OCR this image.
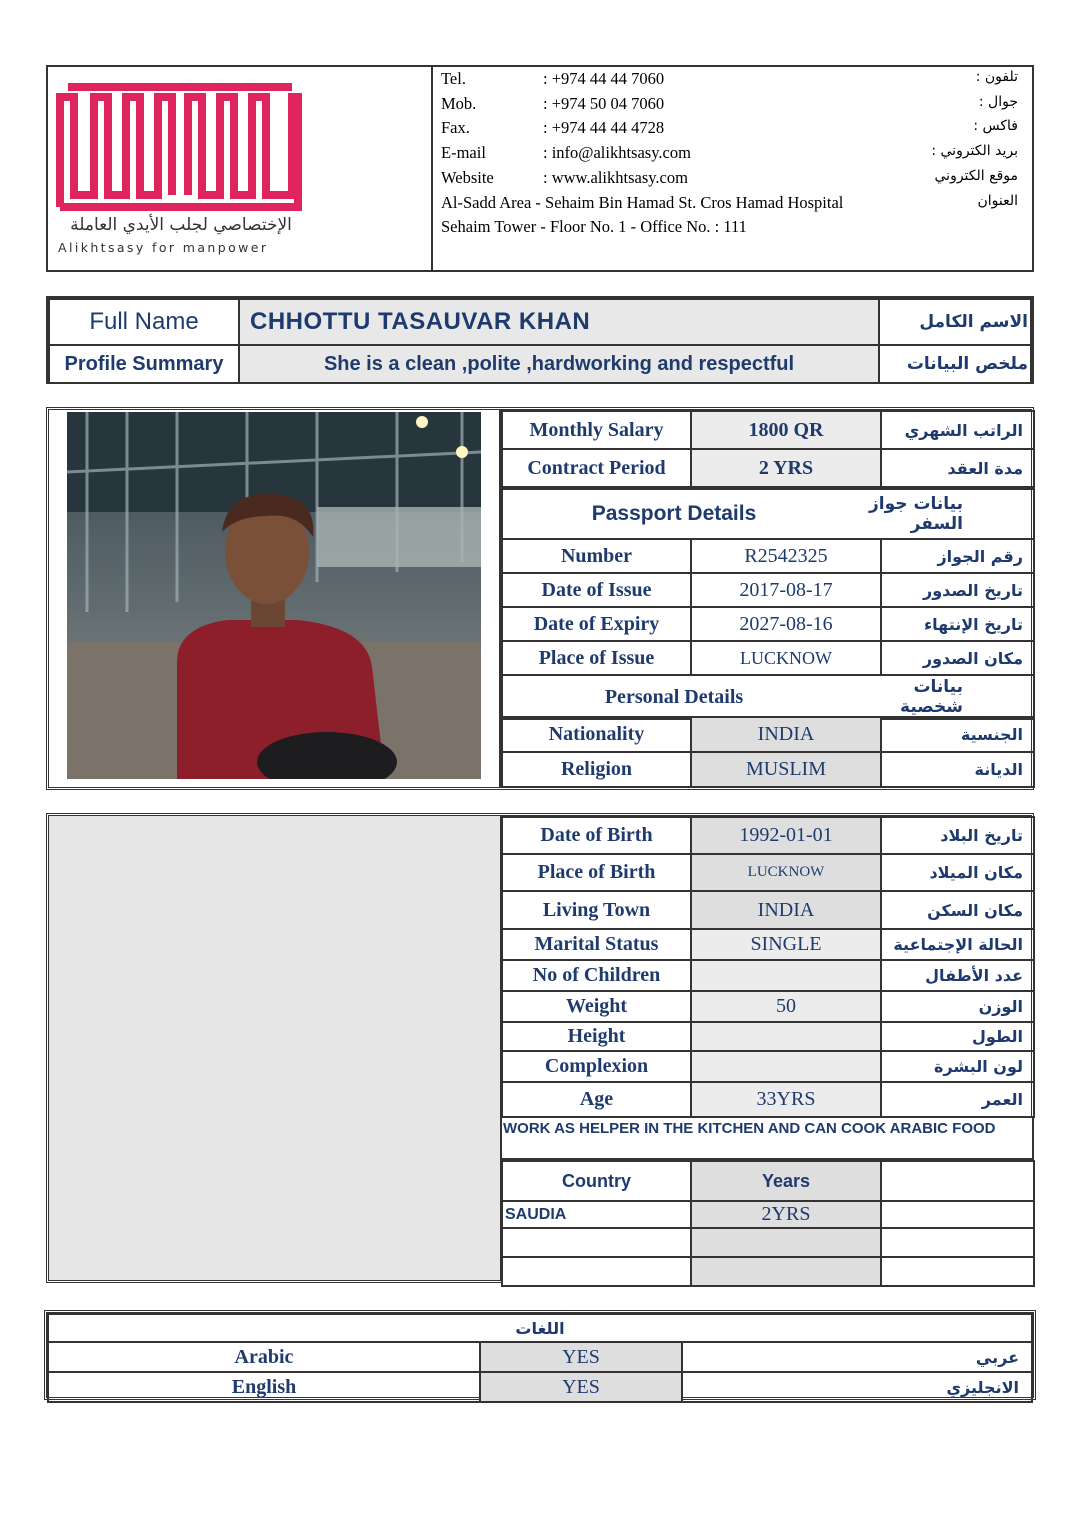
الإختصاصي لجلب الأيدي العاملة
Alikhtsasy for manpower
Tel.	: +974 44 44 7060	تلفون :
Mob.	: +974 50 04 7060	جوال :
Fax.	: +974 44 44 4728	فاكس :
E-mail	: info@alikhtsasy.com	بريد الكتروني :
Website	: www.alikhtsasy.com	موقع الكتروني
Al-Sadd Area - Sehaim Bin Hamad St. Cros Hamad Hospital	العنوان
Sehaim Tower - Floor No. 1 - Office No. : 111
Full Name	CHHOTTU TASAUVAR KHAN	الاسم الكامل
Profile Summary	She is a clean ,polite ,hardworking and respectful	ملخص البيانات
Monthly Salary	1800 QR	الراتب الشهري
Contract Period	2 YRS	مدة العقد
Passport Details	بيانات جواز السفر
Number	R2542325	رقم الجواز
Date of Issue	2017-08-17	تاريخ الصدور
Date of Expiry	2027-08-16	تاريخ الإنتهاء
Place of Issue	LUCKNOW	مكان الصدور
Personal Details	بيانات شخصية
Nationality	INDIA	الجنسية
Religion	MUSLIM	الديانة
Date of Birth	1992-01-01	تاريخ البلاد
Place of Birth	LUCKNOW	مكان الميلاد
Living Town	INDIA	مكان السكن
Marital Status	SINGLE	الحالة الإجتماعية
No of Children		عدد الأطفال
Weight	50	الوزن
Height		الطول
Complexion		لون البشرة
Age	33YRS	العمر
WORK AS HELPER IN THE KITCHEN AND CAN COOK ARABIC FOOD
Country	Years	
SAUDIA	2YRS	

اللغات		
Arabic	YES	عربي
English	YES	الانجليزي
